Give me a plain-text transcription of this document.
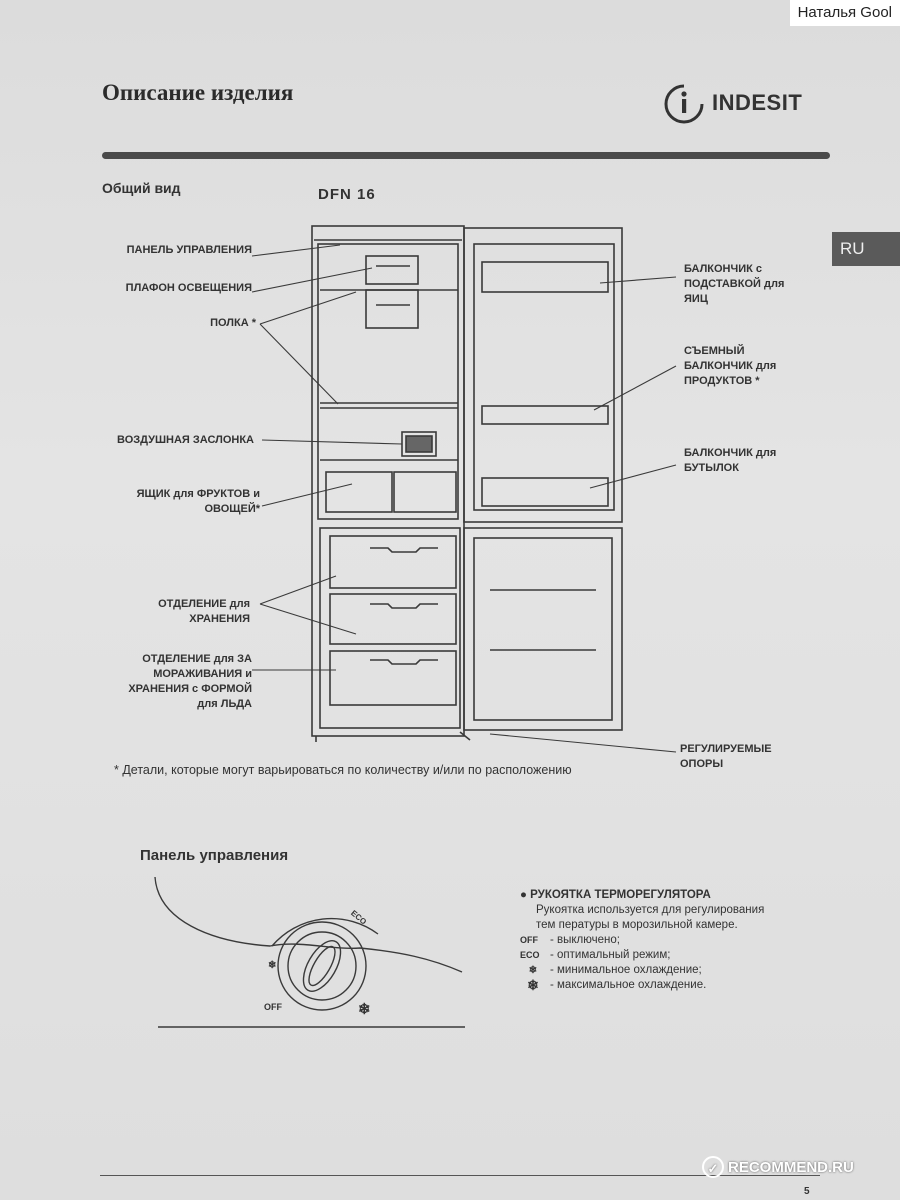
Наталья Gool
Описание изделия	INDESIT
RU
Общий вид	DFN 16
ПАНЕЛЬ УПРАВЛЕНИЯ
ПЛАФОН ОСВЕЩЕНИЯ
ПОЛКА *
ВОЗДУШНАЯ ЗАСЛОНКА
ЯЩИК для ФРУКТОВ и ОВОЩЕЙ*
ОТДЕЛЕНИЕ для ХРАНЕНИЯ
ОТДЕЛЕНИЕ для ЗА МОРАЖИВАНИЯ и ХРАНЕНИЯ с ФОРМОЙ для ЛЬДА
БАЛКОНЧИК с ПОДСТАВКОЙ для ЯИЦ
СЪЕМНЫЙ БАЛКОНЧИК для ПРОДУКТОВ *
БАЛКОНЧИК для БУТЫЛОК
РЕГУЛИРУЕМЫЕ ОПОРЫ
* Детали, которые могут варьироваться по количеству и/или по расположению
Панель управления
OFF
ECO
❄
❄
● РУКОЯТКА ТЕРМОРЕГУЛЯТОРА
Рукоятка используется для регулирования
тем пературы в морозильной камере.
OFF	- выключено;
ECO - оптимальный режим;
❄	- минимальное охлаждение;
❄ - максимальное охлаждение.
5
✓ RECOMMEND.RU
